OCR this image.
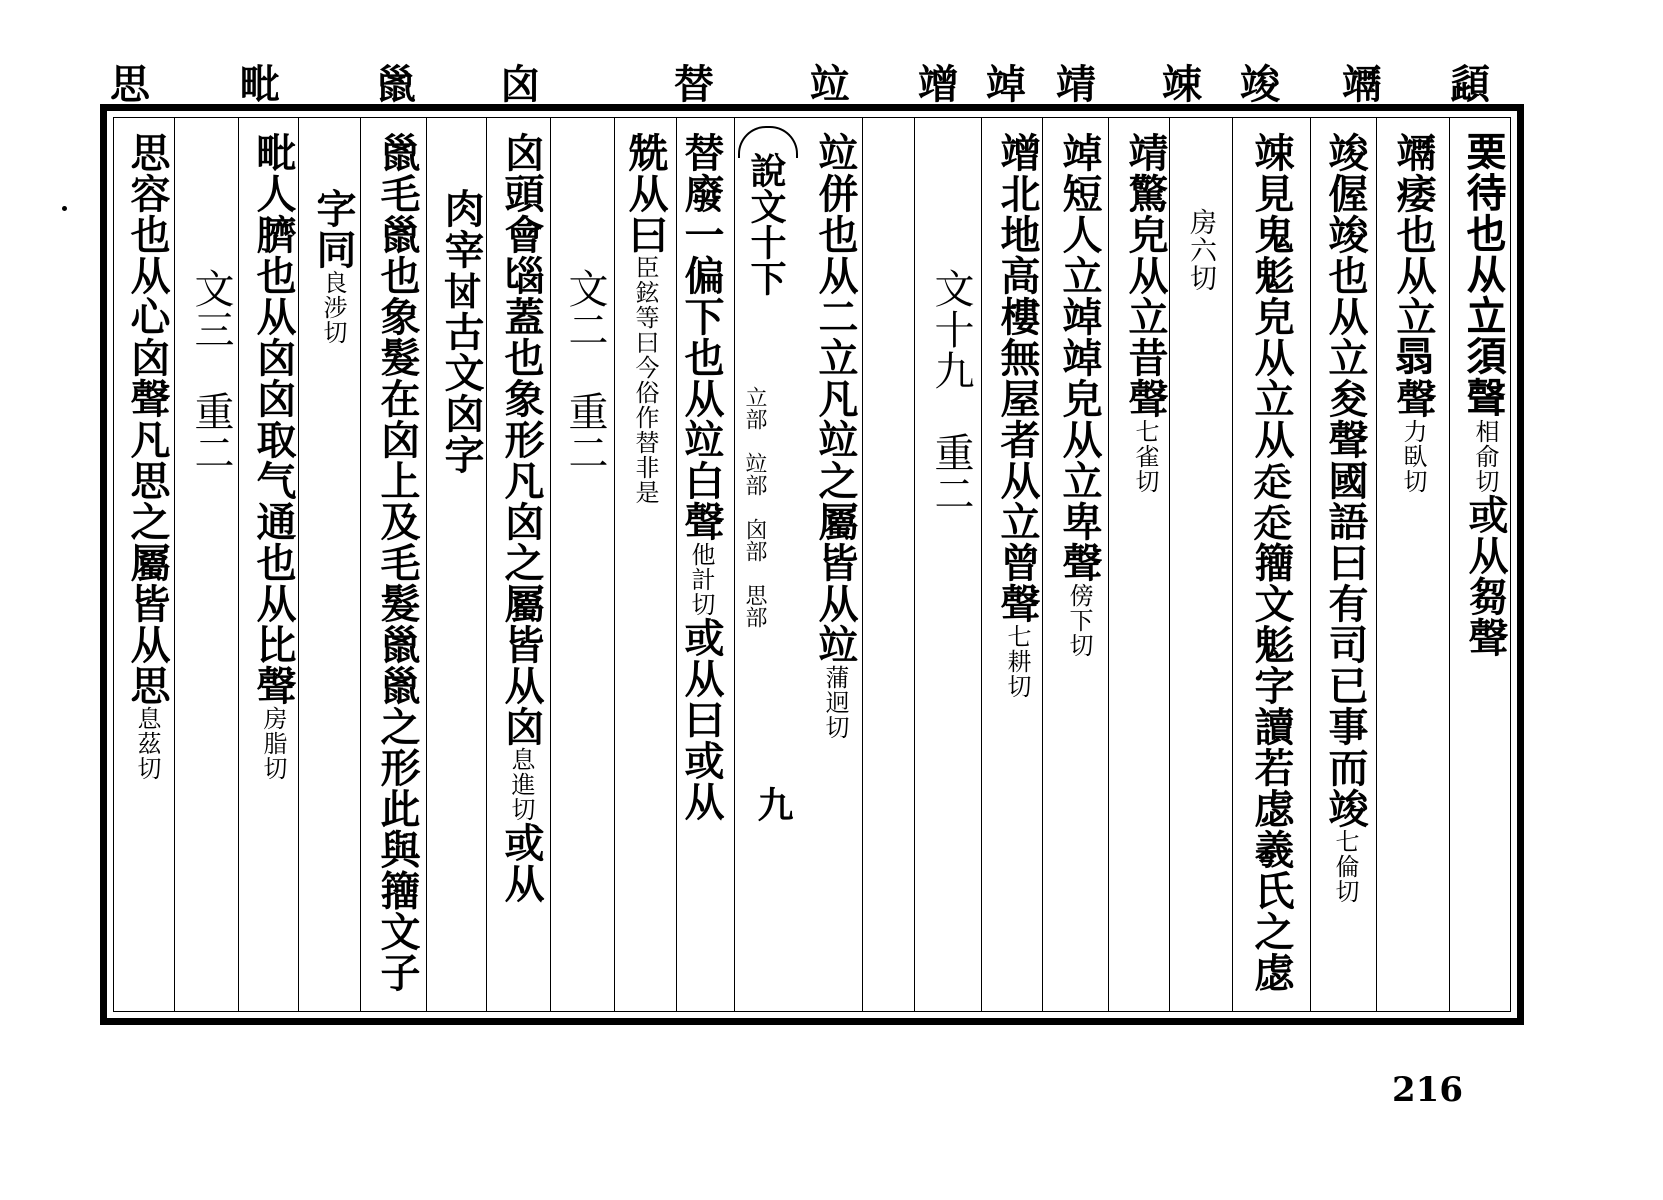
頿
竵
竣
竦
靖
竨
竲
竝
替
囟
巤
毗
思
𧟧待也从立須聲相俞切或从芻聲
竵痿也从立𦐇聲力臥切
竣偓竣也从立夋聲國語曰有司已事而竣七倫切
竦見鬼鬽皃从立从𧺆𧺆籒文鬽字讀若虙羲氏之虙
房六切
靖驚皃从立昔聲七雀切
竨短人立竨竨皃从立卑聲傍下切
竲北地高樓無屋者从立曾聲七耕切
文十九　重二
竝併也从二立凡竝之屬皆从竝蒲迥切
說文十下
立部　竝部　囟部　思部
九
替廢一偏下也从竝白聲他計切或从曰或从
兟从曰臣鉉等曰今俗作替非是
文二　重二
囟頭會匘蓋也象形凡囟之屬皆从囟息進切或从
肉宰𠀠古文囟字
巤毛巤也象髮在囟上及毛髮巤巤之形此與籒文子
字同良涉切
毗人臍也从囟囟取气通也从比聲房脂切
文三　重二
思容也从心囟聲凡思之屬皆从思息茲切
216
